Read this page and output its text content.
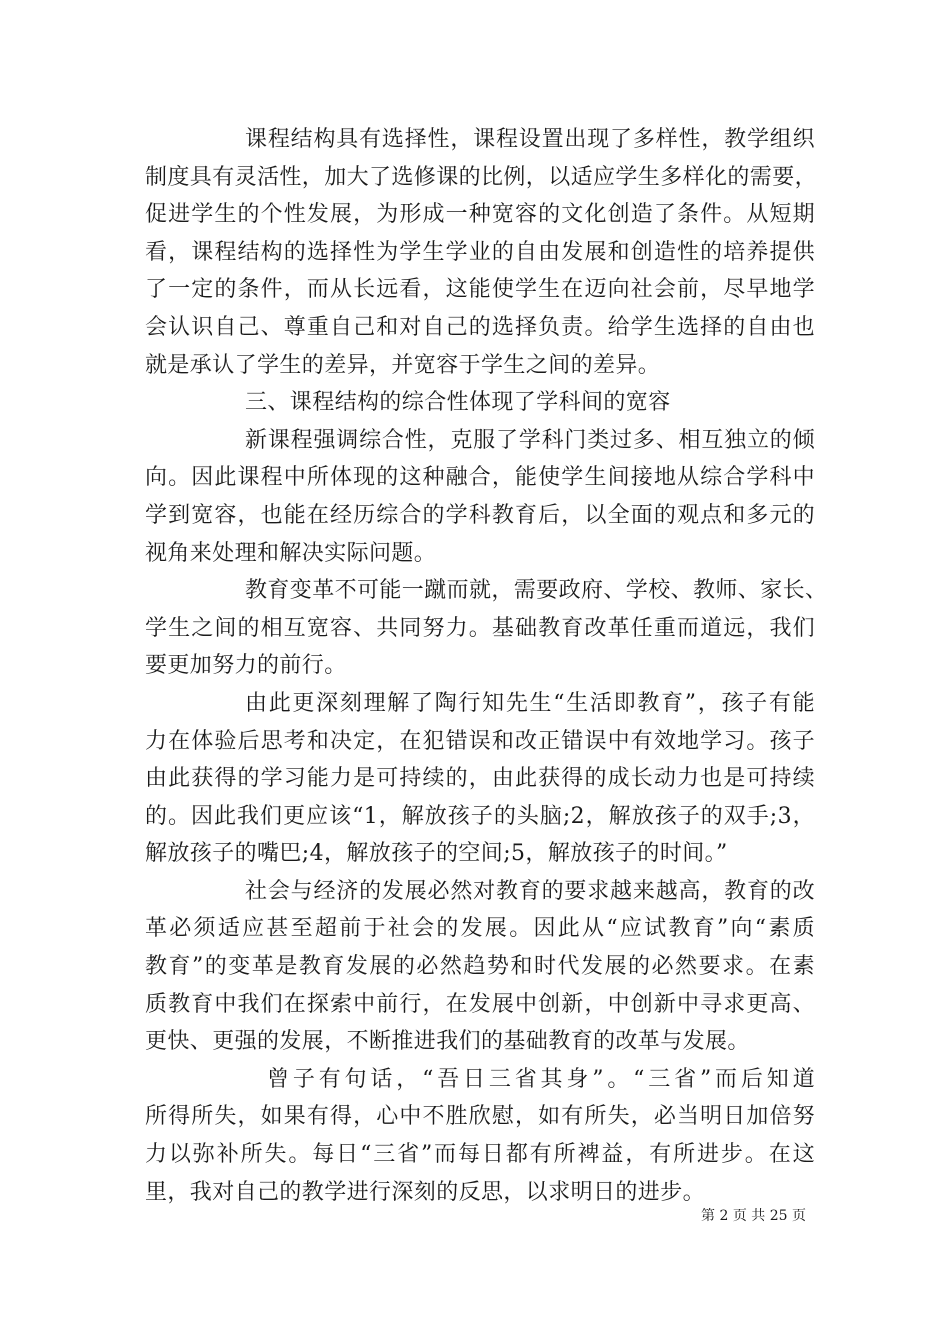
课程结构具有选择性，课程设置出现了多样性，教学组织
制度具有灵活性，加大了选修课的比例，以适应学生多样化的需要，
促进学生的个性发展，为形成一种宽容的文化创造了条件。从短期
看，课程结构的选择性为学生学业的自由发展和创造性的培养提供
了一定的条件，而从长远看，这能使学生在迈向社会前，尽早地学
会认识自己、尊重自己和对自己的选择负责。给学生选择的自由也
就是承认了学生的差异，并宽容于学生之间的差异。
三、课程结构的综合性体现了学科间的宽容
新课程强调综合性，克服了学科门类过多、相互独立的倾
向。因此课程中所体现的这种融合，能使学生间接地从综合学科中
学到宽容，也能在经历综合的学科教育后，以全面的观点和多元的
视角来处理和解决实际问题。
教育变革不可能一蹴而就，需要政府、学校、教师、家长、
学生之间的相互宽容、共同努力。基础教育改革任重而道远，我们
要更加努力的前行。
由此更深刻理解了陶行知先生“生活即教育”，孩子有能
力在体验后思考和决定，在犯错误和改正错误中有效地学习。孩子
由此获得的学习能力是可持续的，由此获得的成长动力也是可持续
的。因此我们更应该“1，解放孩子的头脑;2，解放孩子的双手;3，
解放孩子的嘴巴;4，解放孩子的空间;5，解放孩子的时间。”
社会与经济的发展必然对教育的要求越来越高，教育的改
革必须适应甚至超前于社会的发展。因此从“应试教育”向“素质
教育”的变革是教育发展的必然趋势和时代发展的必然要求。在素
质教育中我们在探索中前行，在发展中创新，中创新中寻求更高、
更快、更强的发展，不断推进我们的基础教育的改革与发展。
曾子有句话，“吾日三省其身”。“三省”而后知道
所得所失，如果有得，心中不胜欣慰，如有所失，必当明日加倍努
力以弥补所失。每日“三省”而每日都有所裨益，有所进步。在这
里，我对自己的教学进行深刻的反思，以求明日的进步。
第 2 页 共 25 页
